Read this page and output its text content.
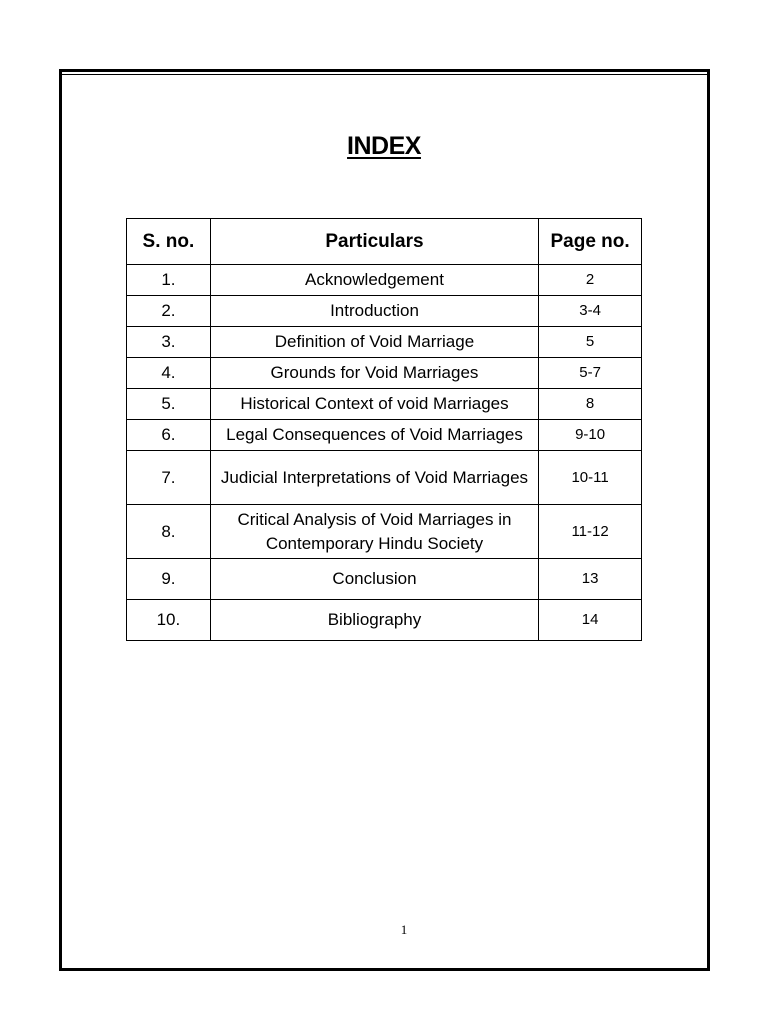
INDEX
S. no.	Particulars	Page no.
1.	Acknowledgement	2
2.	Introduction	3-4
3.	Definition of Void Marriage	5
4.	Grounds for Void Marriages	5-7
5.	Historical Context of void Marriages	8
6.	Legal Consequences of Void Marriages	9-10
7.	Judicial Interpretations of Void Marriages	10-11
8.	Critical Analysis of Void Marriages in Contemporary Hindu Society	11-12
9.	Conclusion	13
10.	Bibliography	14
1
